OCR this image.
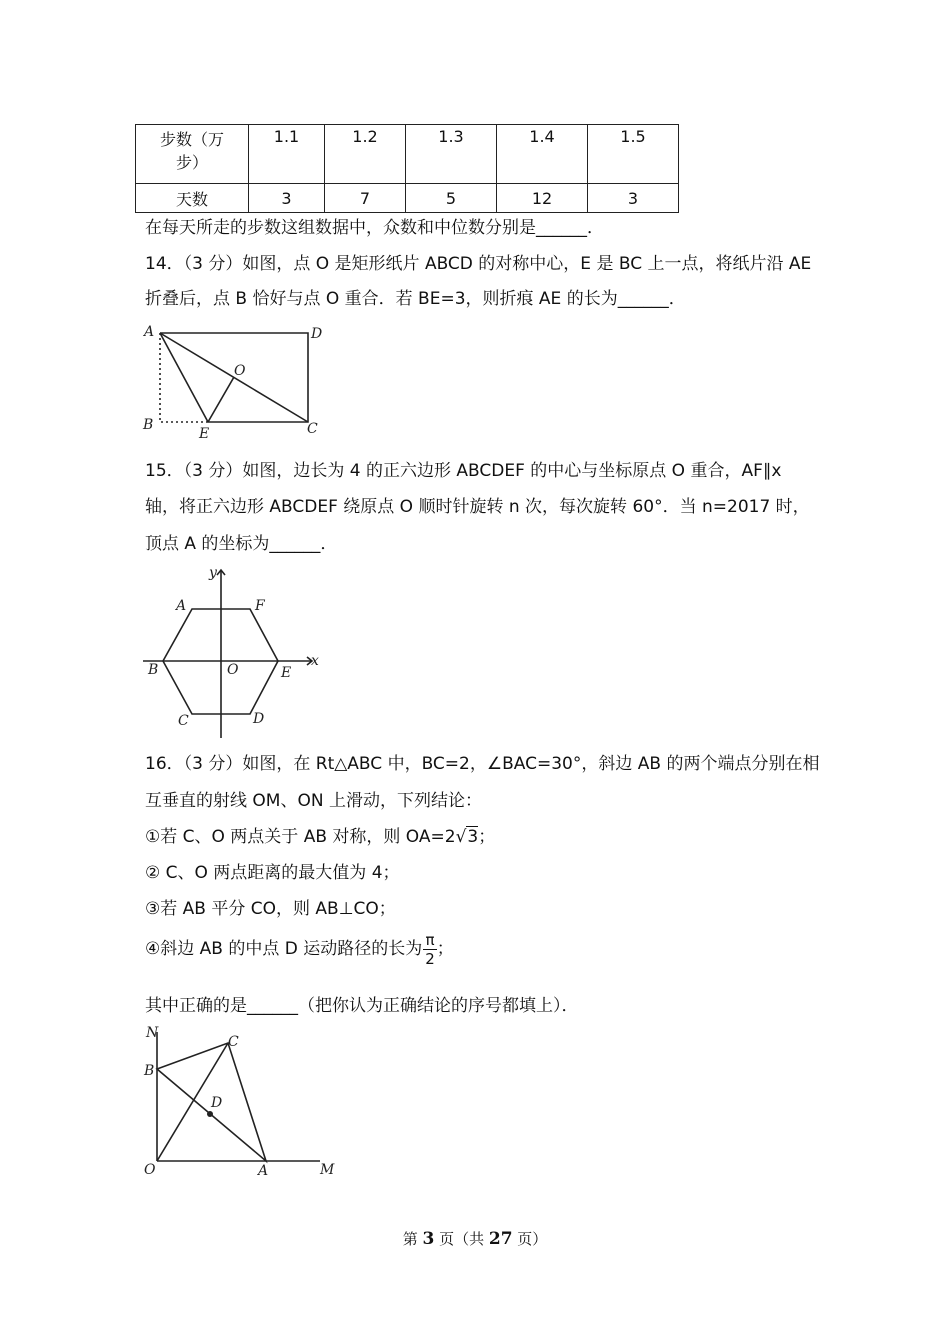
步数（万
步）	1.1	1.2	1.3	1.4	1.5
天数	3	7	5	12	3
在每天所走的步数这组数据中，众数和中位数分别是______．
14．（3 分）如图，点 O 是矩形纸片 ABCD 的对称中心，E 是 BC 上一点，将纸片沿 AE
折叠后，点 B 恰好与点 O 重合．若 BE=3，则折痕 AE 的长为______．
A	D
O
B
E	C
15．（3 分）如图，边长为 4 的正六边形 ABCDEF 的中心与坐标原点 O 重合，AF∥x
轴，将正六边形 ABCDEF 绕原点 O 顺时针旋转 n 次，每次旋转 60°．当 n=2017 时，
顶点 A 的坐标为______．
y
A	F
B	O	E
x
C	D
16．（3 分）如图，在 Rt△ABC 中，BC=2，∠BAC=30°，斜边 AB 的两个端点分别在相
互垂直的射线 OM、ON 上滑动，下列结论：
①若 C、O 两点关于 AB 对称，则 OA=2√3；
② C、O 两点距离的最大值为 4；
③若 AB 平分 CO，则 AB⊥CO；
④斜边 AB 的中点 D 运动路径的长为 $\frac{\pi}{2}$ ；
其中正确的是______（把你认为正确结论的序号都填上）．
N
B
C
D
O	A	M
第 3 页（共 27 页）
